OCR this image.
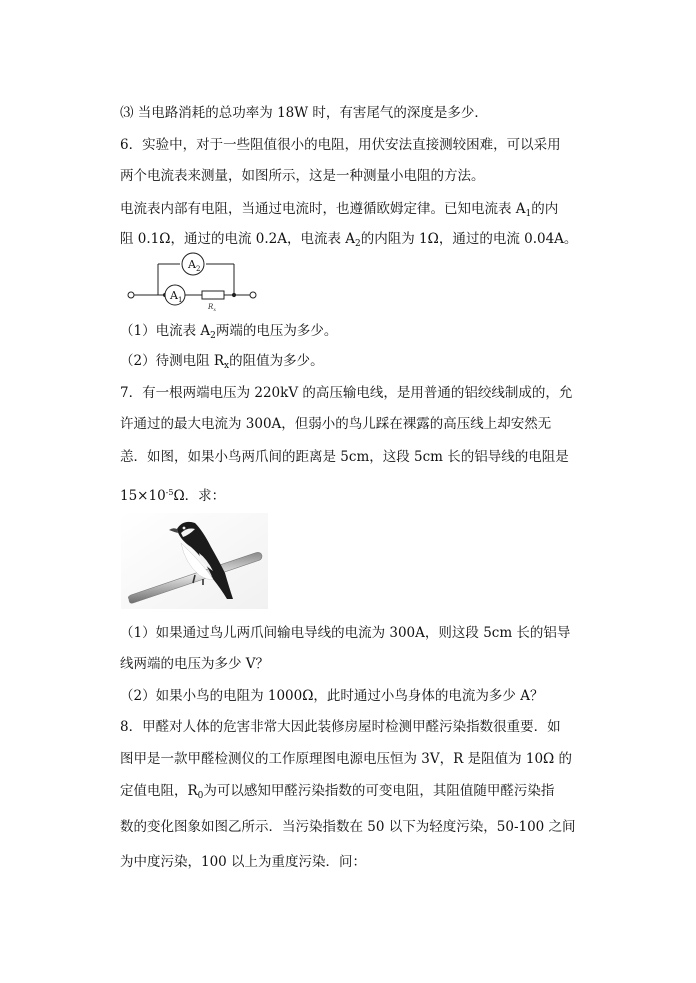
⑶ 当电路消耗的总功率为 18W 时，有害尾气的深度是多少．
6．实验中，对于一些阻值很小的电阻，用伏安法直接测较困难，可以采用
两个电流表来测量，如图所示，这是一种测量小电阻的方法。
电流表内部有电阻，当通过电流时，也遵循欧姆定律。已知电流表 $A_1$的内
阻 0.1Ω，通过的电流 0.2A，电流表 $A_2$的内阻为 1Ω，通过的电流 0.04A。
（1）电流表 $A_2$两端的电压为多少。
（2）待测电阻 $R_x$的阻值为多少。
7．有一根两端电压为 220kV 的高压输电线，是用普通的铝绞线制成的，允
许通过的最大电流为 300A，但弱小的鸟儿踩在裸露的高压线上却安然无
恙．如图，如果小鸟两爪间的距离是 5cm，这段 5cm 长的铝导线的电阻是
$15\times 10^{-5}\Omega$．求：
（1）如果通过鸟儿两爪间输电导线的电流为 300A，则这段 5cm 长的铝导
线两端的电压为多少 V？
（2）如果小鸟的电阻为 1000Ω，此时通过小鸟身体的电流为多少 A？
8．甲醛对人体的危害非常大因此装修房屋时检测甲醛污染指数很重要．如
图甲是一款甲醛检测仪的工作原理图电源电压恒为 3V，R 是阻值为 10Ω 的
定值电阻，$R_0$为可以感知甲醛污染指数的可变电阻，其阻值随甲醛污染指
数的变化图象如图乙所示．当污染指数在 50 以下为轻度污染，50-100 之间
为中度污染，100 以上为重度污染．问：
$A_2$
$A_1$
$R_x$
